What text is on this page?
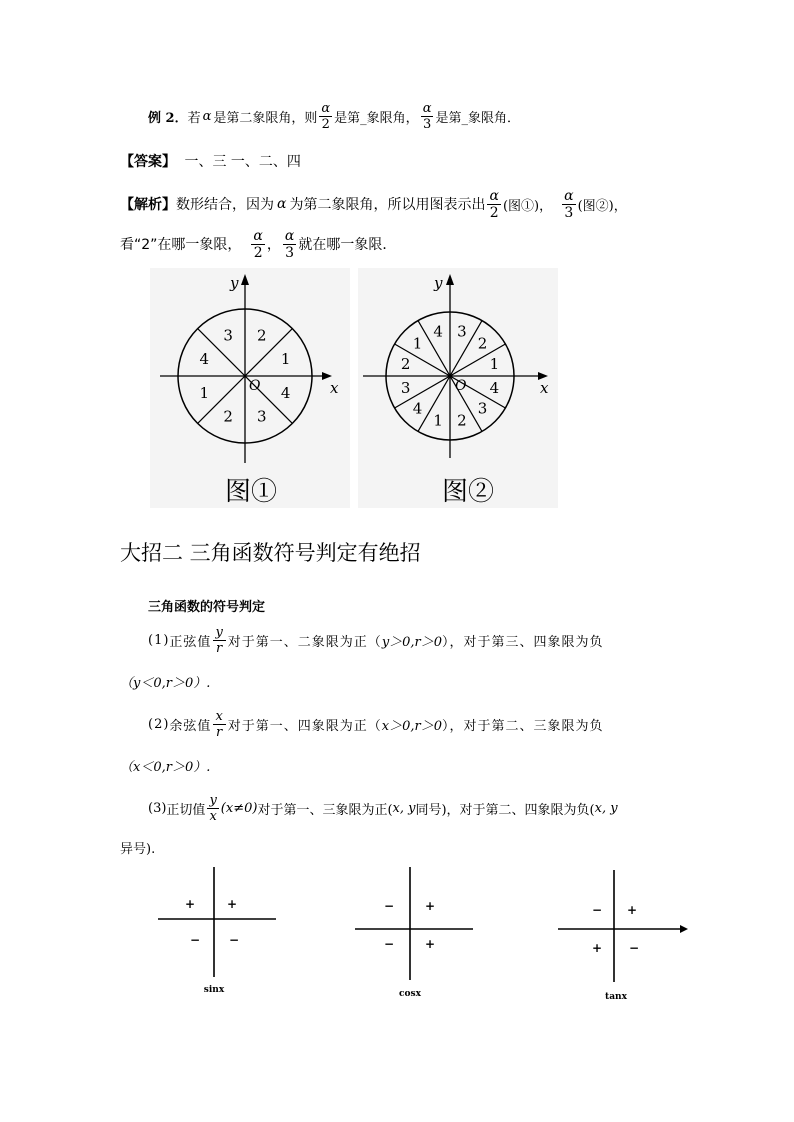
例 2． 若 α 是第二象限角，则 $\frac{\alpha}{2}$ 是第_象限角， $\frac{\alpha}{3}$ 是第_象限角．
【答案】 一、三 一、二、四
【解析】 数形结合，因为 α 为第二象限角，所以用图表示出 $\frac{\alpha}{2}$ (图①)， $\frac{\alpha}{3}$ (图②)，
看“2”在哪一象限， $\frac{\alpha}{2}$ ， $\frac{\alpha}{3}$ 就在哪一象限．
y
x
O
1
2
3
4
1
2 3
4
图①
y
x
O
1
2
3
4
1
2
3
4
1 2
3
4
图②
大招二 三角函数符号判定有绝招
三角函数的符号判定
(1) 正弦值 $\frac{y}{r}$ 对于第一、二象限为正（ y＞0,r＞0 ），对于第三、四象限为负
（y＜0,r＞0）.
(2) 余弦值 $\frac{x}{r}$ 对于第一、四象限为正（ x＞0,r＞0 ），对于第二、三象限为负
（x＜0,r＞0）.
(3) 正切值 $\frac{y}{x} (x\ne 0)$ 对于第一、三象限为正( x, y 同号)，对于第二、四象限为负( x, y
异号).
+	+
− −
sinx
−	+
−	+
cosx
− +
+ −
tanx
